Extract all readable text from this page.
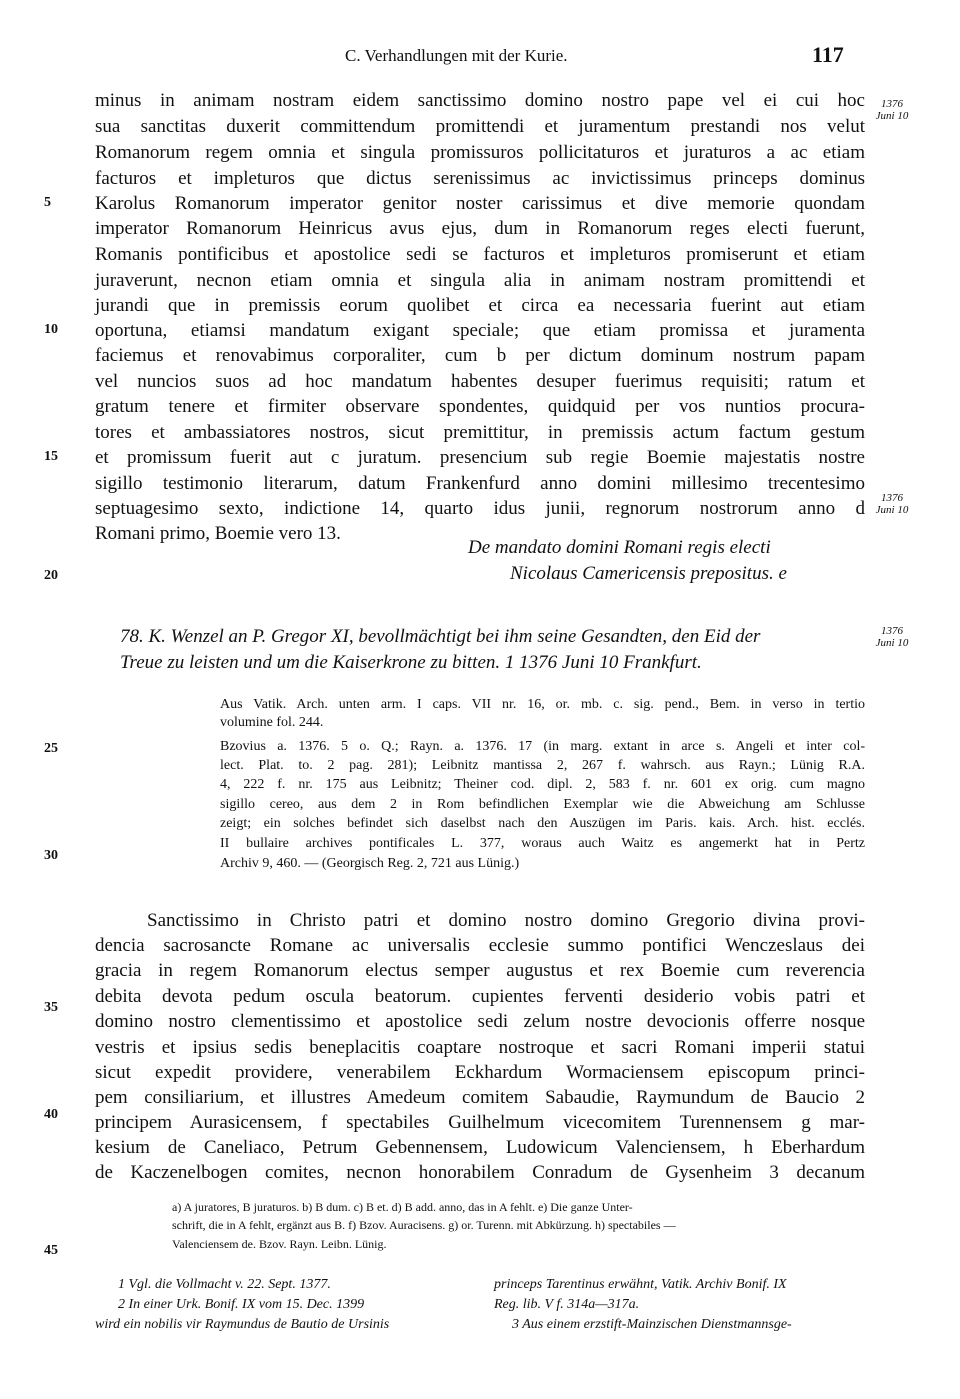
C. Verhandlungen mit der Kurie.	117
minus in animam nostram eidem sanctissimo domino nostro pape vel ei cui hoc
sua sanctitas duxerit committendum promittendi et juramentum prestandi nos velut
Romanorum regem omnia et singula promissuros pollicitaturos et juraturos a ac etiam
facturos et impleturos que dictus serenissimus ac invictissimus princeps dominus
Karolus Romanorum imperator genitor noster carissimus et dive memorie quondam
imperator Romanorum Heinricus avus ejus, dum in Romanorum reges electi fuerunt,
Romanis pontificibus et apostolice sedi se facturos et impleturos promiserunt et etiam
juraverunt, necnon etiam omnia et singula alia in animam nostram promittendi et
jurandi que in premissis eorum quolibet et circa ea necessaria fuerint aut etiam
oportuna, etiamsi mandatum exigant speciale; que etiam promissa et juramenta
faciemus et renovabimus corporaliter, cum b per dictum dominum nostrum papam
vel nuncios suos ad hoc mandatum habentes desuper fuerimus requisiti; ratum et
gratum tenere et firmiter observare spondentes, quidquid per vos nuntios procura-
tores et ambassiatores nostros, sicut premittitur, in premissis actum factum gestum
et promissum fuerit aut c juratum. presencium sub regie Boemie majestatis nostre
sigillo testimonio literarum, datum Frankenfurd anno domini millesimo trecentesimo
septuagesimo sexto, indictione 14, quarto idus junii, regnorum nostrorum anno d
Romani primo, Boemie vero 13.
De mandato domini Romani regis electi
Nicolaus Camericensis prepositus. e
5
10
15
20
25
30
35
40
45
1376
Juni 10
1376
Juni 10
1376
Juni 10
78. K. Wenzel an P. Gregor XI, bevollmächtigt bei ihm seine Gesandten, den Eid der
Treue zu leisten und um die Kaiserkrone zu bitten. 1 1376 Juni 10 Frankfurt.
Aus Vatik. Arch. unten arm. I caps. VII nr. 16, or. mb. c. sig. pend., Bem. in verso in tertio
volumine fol. 244.
Bzovius a. 1376. 5 o. Q.; Rayn. a. 1376. 17 (in marg. extant in arce s. Angeli et inter col-
lect. Plat. to. 2 pag. 281); Leibnitz mantissa 2, 267 f. wahrsch. aus Rayn.; Lünig R.A.
4, 222 f. nr. 175 aus Leibnitz; Theiner cod. dipl. 2, 583 f. nr. 601 ex orig. cum magno
sigillo cereo, aus dem 2 in Rom befindlichen Exemplar wie die Abweichung am Schlusse
zeigt; ein solches befindet sich daselbst nach den Auszügen im Paris. kais. Arch. hist. ecclés.
II bullaire archives pontificales L. 377, woraus auch Waitz es angemerkt hat in Pertz
Archiv 9, 460. — (Georgisch Reg. 2, 721 aus Lünig.)
Sanctissimo in Christo patri et domino nostro domino Gregorio divina provi-
dencia sacrosancte Romane ac universalis ecclesie summo pontifici Wenczeslaus dei
gracia in regem Romanorum electus semper augustus et rex Boemie cum reverencia
debita devota pedum oscula beatorum. cupientes ferventi desiderio vobis patri et
domino nostro clementissimo et apostolice sedi zelum nostre devocionis offerre nosque
vestris et ipsius sedis beneplacitis coaptare nostroque et sacri Romani imperii statui
sicut expedit providere, venerabilem Eckhardum Wormaciensem episcopum princi-
pem consiliarium, et illustres Amedeum comitem Sabaudie, Raymundum de Baucio 2
principem Aurasicensem, f spectabiles Guilhelmum vicecomitem Turennensem g mar-
kesium de Caneliaco, Petrum Gebennensem, Ludowicum Valenciensem, h Eberhardum
de Kaczenelbogen comites, necnon honorabilem Conradum de Gysenheim 3 decanum
a) A juratores, B juraturos. b) B dum. c) B et. d) B add. anno, das in A fehlt. e) Die ganze Unter-
schrift, die in A fehlt, ergänzt aus B. f) Bzov. Auracisens. g) or. Turenn. mit Abkürzung. h) spectabiles —
Valenciensem de. Bzov. Rayn. Leibn. Lünig.
1 Vgl. die Vollmacht v. 22. Sept. 1377.
2 In einer Urk. Bonif. IX vom 15. Dec. 1399
wird ein nobilis vir Raymundus de Bautio de Ursinis
princeps Tarentinus erwähnt, Vatik. Archiv Bonif. IX
Reg. lib. V f. 314a—317a.
3 Aus einem erzstift-Mainzischen Dienstmannsge-
